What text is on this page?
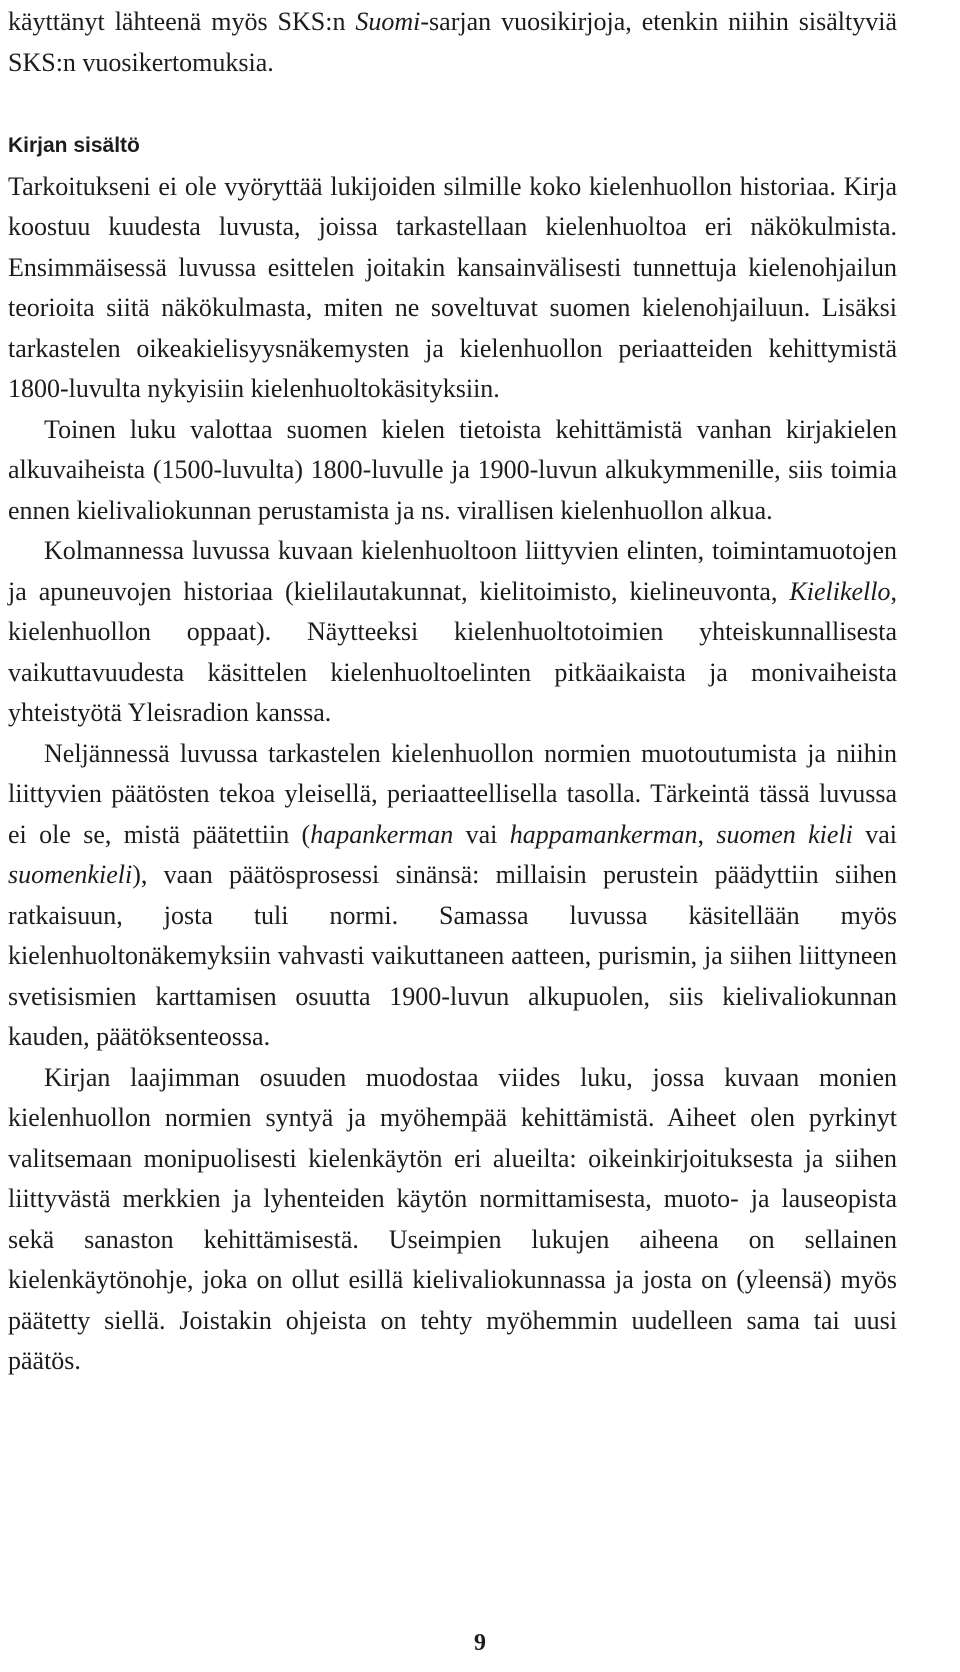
käyttänyt lähteenä myös SKS:n Suomi-sarjan vuosikirjoja, etenkin niihin sisältyviä SKS:n vuosikertomuksia.

Kirjan sisältö

Tarkoitukseni ei ole vyöryttää lukijoiden silmille koko kielenhuollon historiaa. Kirja koostuu kuudesta luvusta, joissa tarkastellaan kielenhuoltoa eri näkökulmista. Ensimmäisessä luvussa esittelen joitakin kansainvälisesti tunnettuja kielenohjailun teorioita siitä näkökulmasta, miten ne soveltuvat suomen kielenohjailuun. Lisäksi tarkastelen oikeakielisyysnäkemysten ja kielenhuollon periaatteiden kehittymistä 1800-luvulta nykyisiin kielenhuoltokäsityksiin.

Toinen luku valottaa suomen kielen tietoista kehittämistä vanhan kirjakielen alkuvaiheista (1500-luvulta) 1800-luvulle ja 1900-luvun alkukymmenille, siis toimia ennen kielivaliokunnan perustamista ja ns. virallisen kielenhuollon alkua.

Kolmannessa luvussa kuvaan kielenhuoltoon liittyvien elinten, toimintamuotojen ja apuneuvojen historiaa (kielilautakunnat, kielitoimisto, kielineuvonta, Kielikello, kielenhuollon oppaat). Näytteeksi kielenhuoltotoimien yhteiskunnallisesta vaikuttavuudesta käsittelen kielenhuoltoelinten pitkäaikaista ja monivaiheista yhteistyötä Yleisradion kanssa.

Neljännessä luvussa tarkastelen kielenhuollon normien muotoutumista ja niihin liittyvien päätösten tekoa yleisellä, periaatteellisella tasolla. Tärkeintä tässä luvussa ei ole se, mistä päätettiin (hapankerman vai happamankerman, suomen kieli vai suomenkieli), vaan päätösprosessi sinänsä: millaisin perustein päädyttiin siihen ratkaisuun, josta tuli normi. Samassa luvussa käsitellään myös kielenhuoltonäkemyksiin vahvasti vaikuttaneen aatteen, purismin, ja siihen liittyneen svetisismien karttamisen osuutta 1900-luvun alkupuolen, siis kielivaliokunnan kauden, päätöksenteossa.

Kirjan laajimman osuuden muodostaa viides luku, jossa kuvaan monien kielenhuollon normien syntyä ja myöhempää kehittämistä. Aiheet olen pyrkinyt valitsemaan monipuolisesti kielenkäytön eri alueilta: oikeinkirjoituksesta ja siihen liittyvästä merkkien ja lyhenteiden käytön normittamisesta, muoto- ja lauseopista sekä sanaston kehittämisestä. Useimpien lukujen aiheena on sellainen kielenkäytönohje, joka on ollut esillä kielivaliokunnassa ja josta on (yleensä) myös päätetty siellä. Joistakin ohjeista on tehty myöhemmin uudelleen sama tai uusi päätös.

9
